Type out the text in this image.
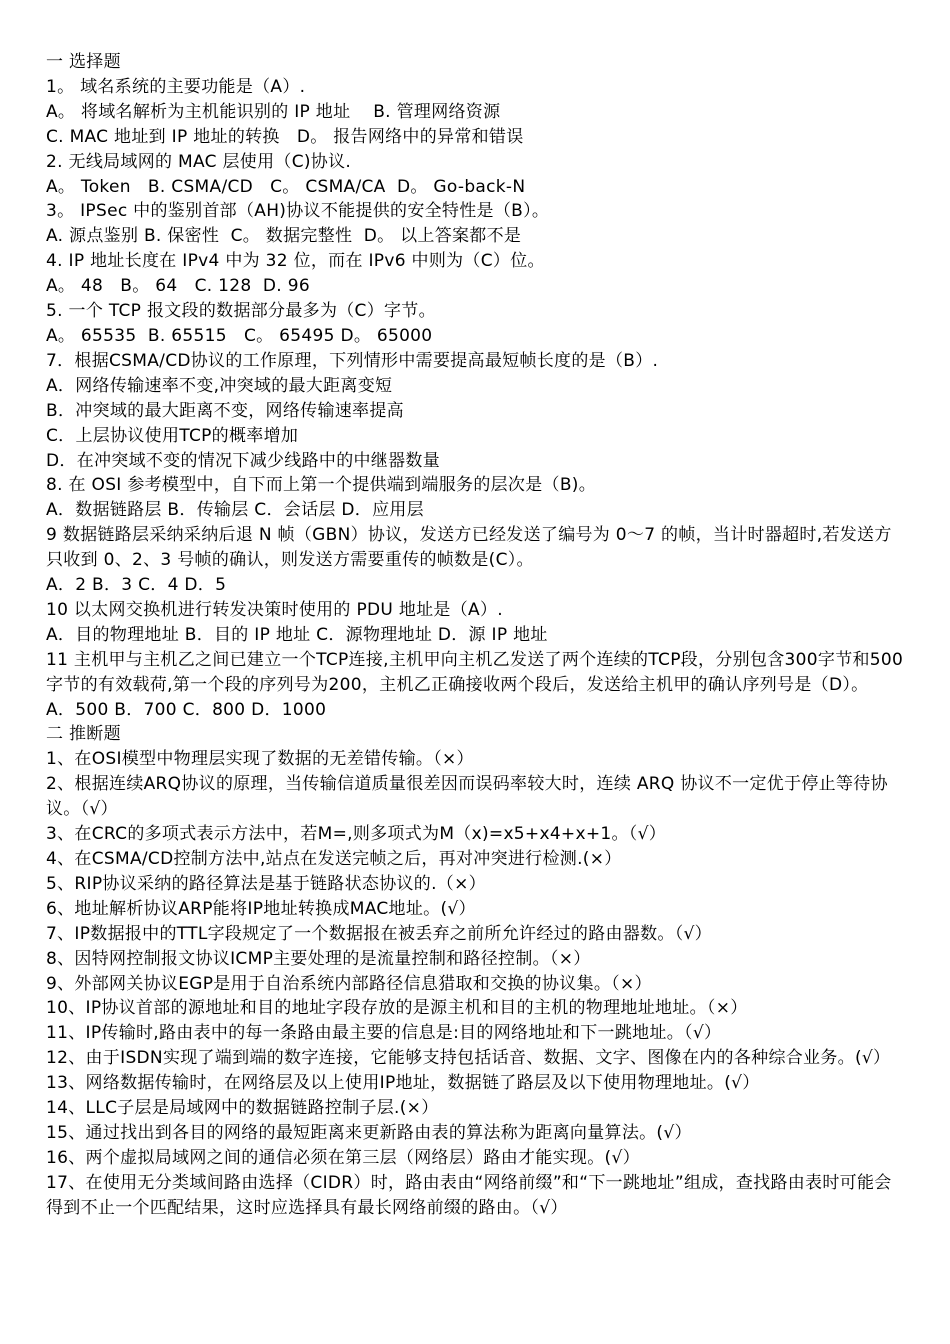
一 选择题
1。 域名系统的主要功能是（A）.
A。 将域名解析为主机能识别的 IP 地址    B. 管理网络资源
C. MAC 地址到 IP 地址的转换   D。 报告网络中的异常和错误
2. 无线局域网的 MAC 层使用（C)协议.
A。 Token   B. CSMA/CD   C。 CSMA/CA  D。 Go-back-N
3。 IPSec 中的鉴别首部（AH)协议不能提供的安全特性是（B）。
A. 源点鉴别 B. 保密性  C。 数据完整性  D。 以上答案都不是
4. IP 地址长度在 IPv4 中为 32 位，而在 IPv6 中则为（C）位。
A。 48   B。 64   C. 128  D. 96
5. 一个 TCP 报文段的数据部分最多为（C）字节。
A。 65535  B. 65515   C。 65495 D。 65000
7．根据CSMA/CD协议的工作原理，下列情形中需要提高最短帧长度的是（B）.
A．网络传输速率不变,冲突域的最大距离变短
B．冲突域的最大距离不变，网络传输速率提高
C．上层协议使用TCP的概率增加
D．在冲突域不变的情况下减少线路中的中继器数量
8. 在 OSI 参考模型中，自下而上第一个提供端到端服务的层次是（B)。
A．数据链路层 B．传输层 C．会话层 D．应用层
9 数据链路层采纳采纳后退 N 帧（GBN）协议，发送方已经发送了编号为 0～7 的帧，当计时器超时,若发送方只收到 0、2、3 号帧的确认，则发送方需要重传的帧数是(C）。
A．2 B．3 C．4 D．5
10 以太网交换机进行转发决策时使用的 PDU 地址是（A）.
A．目的物理地址 B．目的 IP 地址 C．源物理地址 D．源 IP 地址
11 主机甲与主机乙之间已建立一个TCP连接,主机甲向主机乙发送了两个连续的TCP段，分别包含300字节和500字节的有效载荷,第一个段的序列号为200，主机乙正确接收两个段后，发送给主机甲的确认序列号是（D）。
A．500 B．700 C．800 D．1000
二 推断题
1、在OSI模型中物理层实现了数据的无差错传输。（×）
2、根据连续ARQ协议的原理，当传输信道质量很差因而误码率较大时，连续 ARQ 协议不一定优于停止等待协议。（√）
3、在CRC的多项式表示方法中，若M=,则多项式为M（x)=x5+x4+x+1。（√）
4、在CSMA/CD控制方法中,站点在发送完帧之后，再对冲突进行检测.(×）
5、RIP协议采纳的路径算法是基于链路状态协议的.（×）
6、地址解析协议ARP能将IP地址转换成MAC地址。(√）
7、IP数据报中的TTL字段规定了一个数据报在被丢弃之前所允许经过的路由器数。（√）
8、因特网控制报文协议ICMP主要处理的是流量控制和路径控制。（×）
9、外部网关协议EGP是用于自治系统内部路径信息猎取和交换的协议集。（×）
10、IP协议首部的源地址和目的地址字段存放的是源主机和目的主机的物理地址地址。（×）
11、IP传输时,路由表中的每一条路由最主要的信息是:目的网络地址和下一跳地址。（√）
12、由于ISDN实现了端到端的数字连接，它能够支持包括话音、数据、文字、图像在内的各种综合业务。(√）
13、网络数据传输时，在网络层及以上使用IP地址，数据链了路层及以下使用物理地址。(√）
14、LLC子层是局域网中的数据链路控制子层.(×）
15、通过找出到各目的网络的最短距离来更新路由表的算法称为距离向量算法。(√）
16、两个虚拟局域网之间的通信必须在第三层（网络层）路由才能实现。(√）
17、在使用无分类域间路由选择（CIDR）时，路由表由“网络前缀”和“下一跳地址”组成，查找路由表时可能会得到不止一个匹配结果，这时应选择具有最长网络前缀的路由。（√）
